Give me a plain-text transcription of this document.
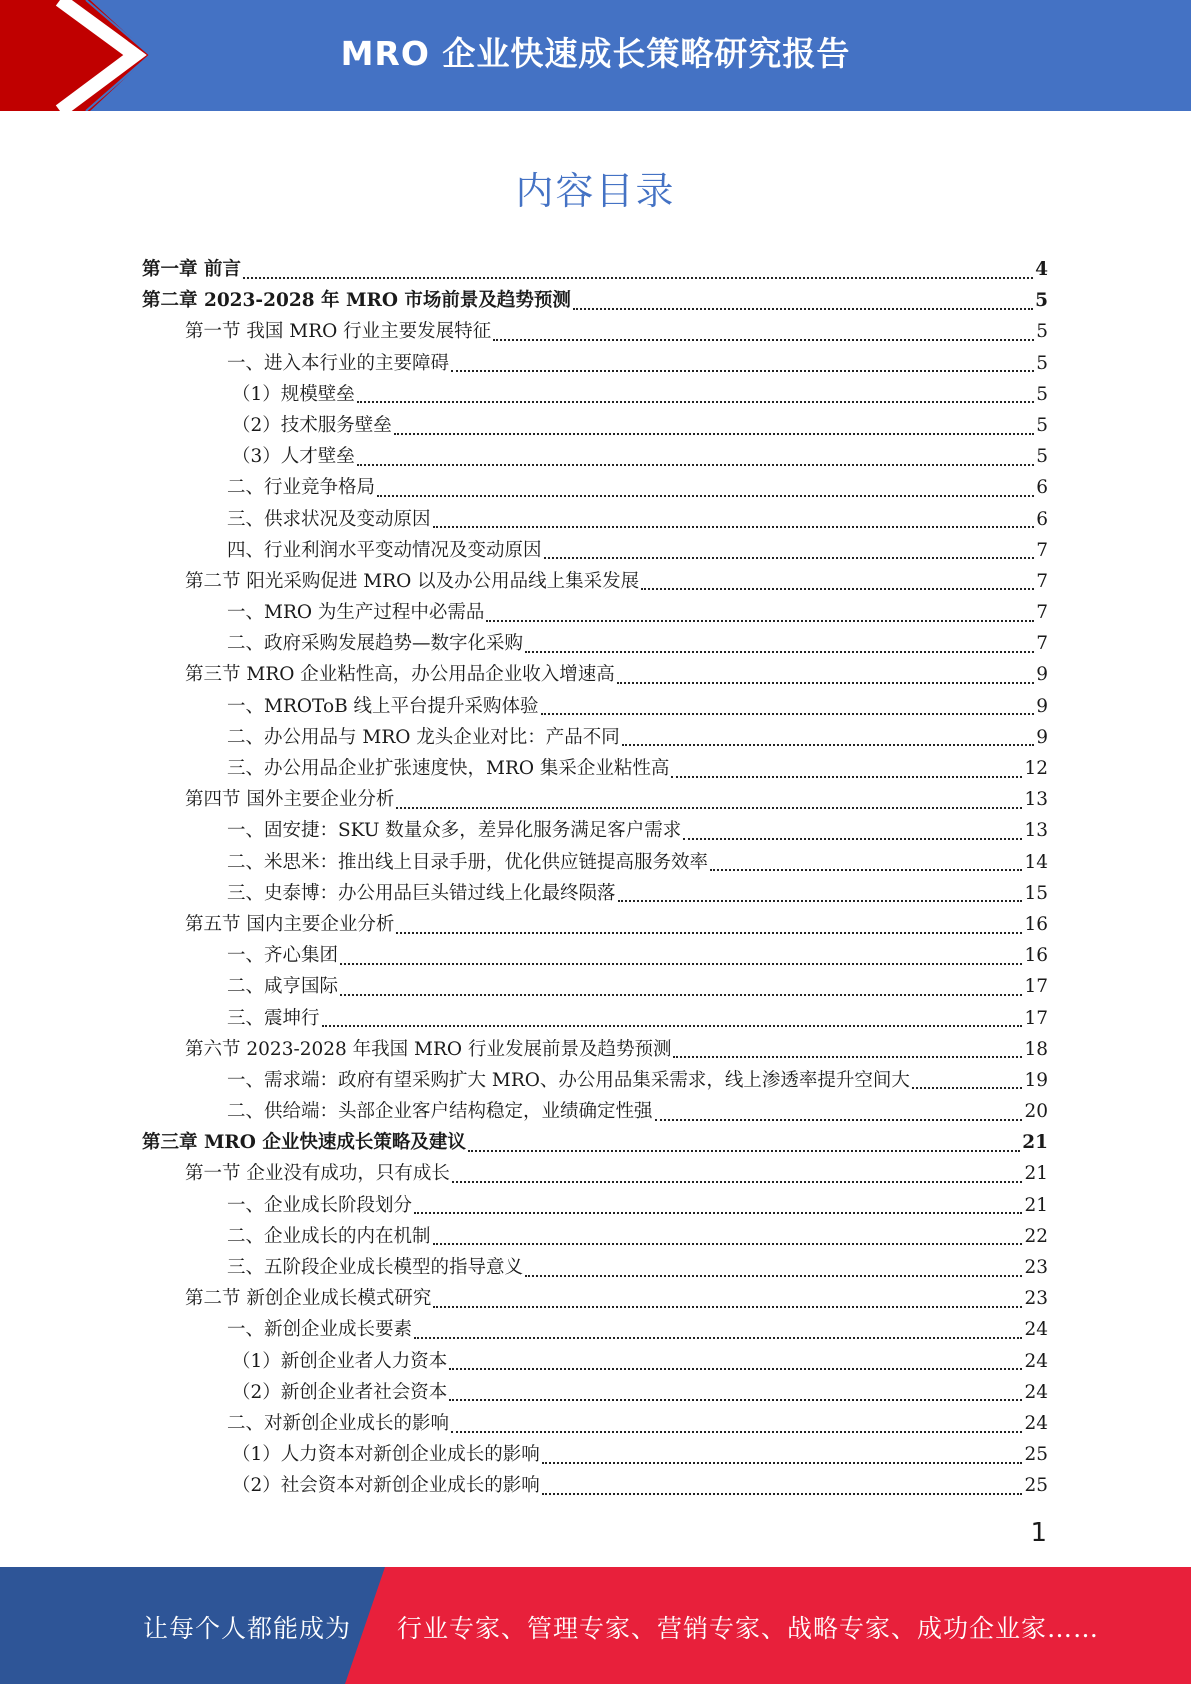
MRO 企业快速成长策略研究报告
内容目录
第一章 前言	4
第二章 2023-2028 年 MRO 市场前景及趋势预测	5
第一节 我国 MRO 行业主要发展特征	5
一、进入本行业的主要障碍	5
（1）规模壁垒	5
（2）技术服务壁垒	5
（3）人才壁垒	5
二、行业竞争格局	6
三、供求状况及变动原因	6
四、行业利润水平变动情况及变动原因	7
第二节 阳光采购促进 MRO 以及办公用品线上集采发展	7
一、MRO 为生产过程中必需品	7
二、政府采购发展趋势—数字化采购	7
第三节 MRO 企业粘性高，办公用品企业收入增速高	9
一、MROToB 线上平台提升采购体验	9
二、办公用品与 MRO 龙头企业对比：产品不同	9
三、办公用品企业扩张速度快，MRO 集采企业粘性高	12
第四节 国外主要企业分析	13
一、固安捷：SKU 数量众多，差异化服务满足客户需求	13
二、米思米：推出线上目录手册，优化供应链提高服务效率	14
三、史泰博：办公用品巨头错过线上化最终陨落	15
第五节 国内主要企业分析	16
一、齐心集团	16
二、咸亨国际	17
三、震坤行	17
第六节 2023-2028 年我国 MRO 行业发展前景及趋势预测	18
一、需求端：政府有望采购扩大 MRO、办公用品集采需求，线上渗透率提升空间大	19
二、供给端：头部企业客户结构稳定，业绩确定性强	20
第三章 MRO 企业快速成长策略及建议	21
第一节 企业没有成功，只有成长	21
一、企业成长阶段划分	21
二、企业成长的内在机制	22
三、五阶段企业成长模型的指导意义	23
第二节 新创企业成长模式研究	23
一、新创企业成长要素	24
（1）新创企业者人力资本	24
（2）新创企业者社会资本	24
二、对新创企业成长的影响	24
（1）人力资本对新创企业成长的影响	25
（2）社会资本对新创企业成长的影响	25
1
让每个人都能成为 行业专家、管理专家、营销专家、战略专家、成功企业家……
